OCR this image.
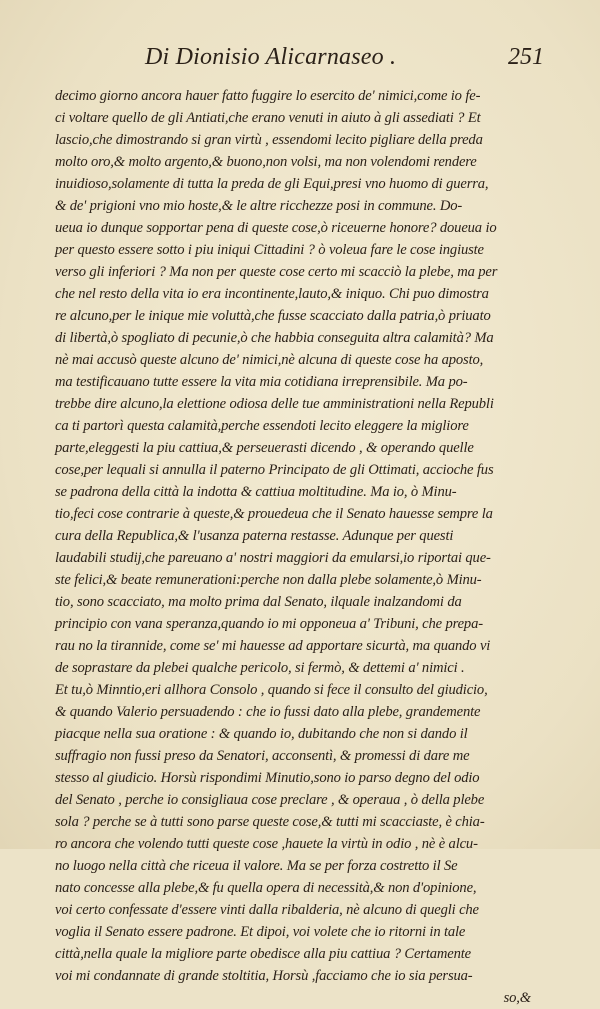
Di Dionisio Alicarnaseo .	251
decimo giorno ancora hauer fatto fuggire lo esercito de' nimici,come io fe-
ci voltare quello de gli Antiati,che erano venuti in aiuto à gli assediati ? Et
lascio,che dimostrando si gran virtù , essendomi lecito pigliare della preda
molto oro,& molto argento,& buono,non volsi, ma non volendomi rendere
inuidioso,solamente di tutta la preda de gli Equi,presi vno huomo di guerra,
& de' prigioni vno mio hoste,& le altre ricchezze posi in commune. Do-
ueua io dunque sopportar pena di queste cose,ò riceuerne honore? doueua io
per questo essere sotto i piu iniqui Cittadini ? ò voleua fare le cose ingiuste
verso gli inferiori ? Ma non per queste cose certo mi scacciò la plebe, ma per
che nel resto della vita io era incontinente,lauto,& iniquo. Chi puo dimostra
re alcuno,per le inique mie voluttà,che fusse scacciato dalla patria,ò priuato
di libertà,ò spogliato di pecunie,ò che habbia conseguita altra calamità? Ma
nè mai accusò queste alcuno de' nimici,nè alcuna di queste cose ha aposto,
ma testificauano tutte essere la vita mia cotidiana irreprensibile. Ma po-
trebbe dire alcuno,la elettione odiosa delle tue amministrationi nella Republi
ca ti partorì questa calamità,perche essendoti lecito eleggere la migliore
parte,eleggesti la piu cattiua,& perseuerasti dicendo , & operando quelle
cose,per lequali si annulla il paterno Principato de gli Ottimati, accioche fus
se padrona della città la indotta & cattiua moltitudine. Ma io, ò Minu-
tio,feci cose contrarie à queste,& prouedeua che il Senato hauesse sempre la
cura della Republica,& l'usanza paterna restasse. Adunque per questi
laudabili studij,che pareuano a' nostri maggiori da emularsi,io riportai que-
ste felici,& beate remunerationi:perche non dalla plebe solamente,ò Minu-
tio, sono scacciato, ma molto prima dal Senato, ilquale inalzandomi da
principio con vana speranza,quando io mi opponeua a' Tribuni, che prepa-
rau no la tirannide, come se' mi hauesse ad apportare sicurtà, ma quando vi
de soprastare da plebei qualche pericolo, si fermò, & dettemi a' nimici .
Et tu,ò Minntio,eri allhora Consolo , quando si fece il consulto del giudicio,
& quando Valerio persuadendo : che io fussi dato alla plebe, grandemente
piacque nella sua oratione : & quando io, dubitando che non si dando il
suffragio non fussi preso da Senatori, acconsentì, & promessi di dare me
stesso al giudicio. Horsù rispondimi Minutio,sono io parso degno del odio
del Senato , perche io consigliaua cose preclare , & operaua , ò della plebe
sola ? perche se à tutti sono parse queste cose,& tutti mi scacciaste, è chia-
ro ancora che volendo tutti queste cose ,hauete la virtù in odio , nè è alcu-
no luogo nella città che riceua il valore. Ma se per forza costretto il Se
nato concesse alla plebe,& fu quella opera di necessità,& non d'opinione,
voi certo confessate d'essere vinti dalla ribalderia, nè alcuno di quegli che
voglia il Senato essere padrone. Et dipoi, voi volete che io ritorni in tale
città,nella quale la migliore parte obedisce alla piu cattiua ? Certamente
voi mi condannate di grande stoltitia, Horsù ,facciamo che io sia persua-
so,&
